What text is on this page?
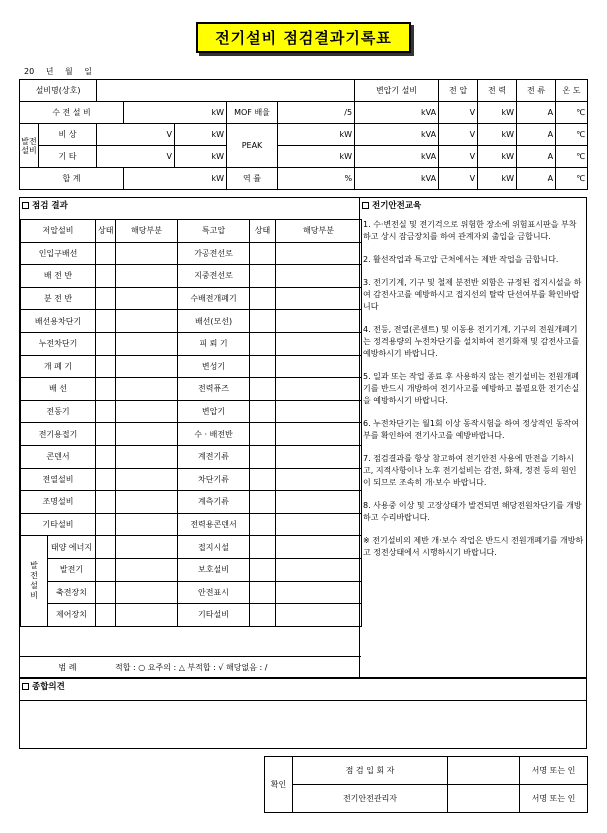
전기설비 점검결과기록표
20 년 월 일
설비명(상호)							변압기 설비	전 압	전 력	전 류	온 도
수 전 설 비			kW		MOF 배율	/5	kVA	V	kW	A	℃
발전설비	비 상	V		kW	PEAK	kW	kVA	V	kW	A	℃
	기 타	V		kW		kW	kVA	V	kW	A	℃
합 계			kW		역 률	%	kVA	V	kW	A	℃
점검 결과
저압설비		상태	해당부분	특고압	상태	해당부분
인입구배선				가공전선로		
배 전 반				지중전선로		
분 전 반				수배전개폐기		
배선용차단기				배선(모선)		
누전차단기				피 뢰 기		
개 폐 기				변성기		
배 선				전력퓨즈		
전동기				변압기		
전기용접기				수 · 배전반		
콘덴서				계전기류		
전열설비				차단기류		
조명설비				계측기류		
기타설비				전력용콘덴서		
발전설비	태양 에너지			접지시설		
	발전기			보호설비		
	축전장치			안전표시		
	제어장치			기타설비		
범 례	적합 : ○ 요주의 : △ 부적합 : √ 해당없음 : /
전기안전교육

1. 수·변전실 및 전기걱으로 위험한 장소에 위험표시판을 부착하고 상시 잠금장치를 하여 관계자외 출입을 금합니다.

2. 활선작업과 특고압 근처에서는 제반 작업을 금합니다.

3. 전기기계, 기구 및 철제 분전반 외함은 규정된 접지시설을 하여 감전사고를 예방하시고 접지선의 탈락 단선여부를 확인바랍니다

4. 전등, 전열(콘센트) 및 이동용 전기기계, 기구의 전원개폐기는 정격용량의 누전차단기를 설치하여 전기화재 및 감전사고를 예방하시기 바랍니다.

5. 일과 또는 작업 종료 후 사용하지 않는 전기설비는 전원개폐기를 반드시 개방하여 전기사고를 예방하고 불필요한 전기손실을 예방하시기 바랍니다.

6. 누전차단기는 월1회 이상 동작시험을 하여 정상적인 동작여부를 확인하여 전기사고를 예방바랍니다.

7. 점검결과를 항상 참고하여 전기안전 사용에 만전을 기하시고, 지적사항이나 노후 전기설비는 감전, 화재, 정전 등의 원인이 되므로 조속히 개·보수 바랍니다.

8. 사용중 이상 및 고장상태가 발견되면 해당전원차단기를 개방하고 수리바랍니다.

※ 전기설비의 제반 개·보수 작업은 반드시 전원개폐기를 개방하고 정전상태에서 시행하시기 바랍니다.

종합의견
확인	점 검 입 회 자		서명 또는 인
	전기안전관리자		서명 또는 인
